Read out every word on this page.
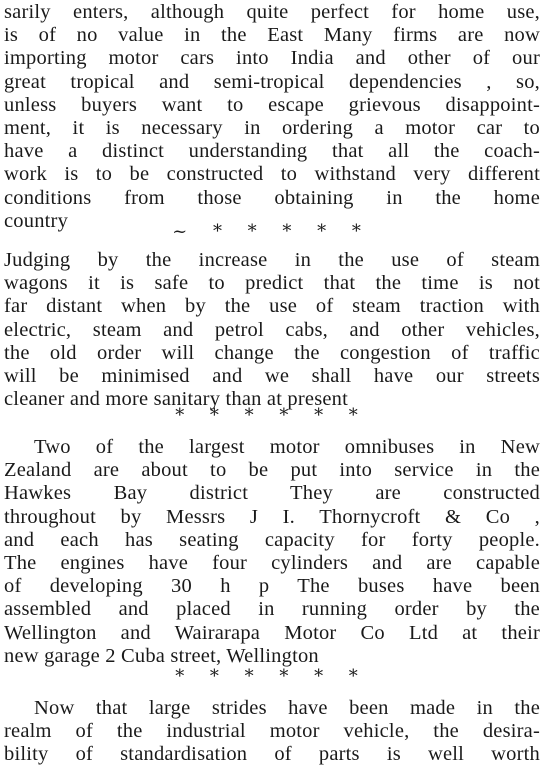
sarily enters, although quite perfect for home use,
is of no value in the East Many firms are now
importing motor cars into India and other of our
great tropical and semi-tropical dependencies , so,
unless buyers want to escape grievous disappoint-
ment, it is necessary in ordering a motor car to
have a distinct understanding that all the coach-
work is to be constructed to withstand very different
conditions from those obtaining in the home
country	~ * * * * *
Judging by the increase in the use of steam
wagons it is safe to predict that the time is not
far distant when by the use of steam traction with
electric, steam and petrol cabs, and other vehicles,
the old order will change the congestion of traffic
will be minimised and we shall have our streets
cleaner and more sanitary than at present
* * * * * *
Two of the largest motor omnibuses in New
Zealand are about to be put into service in the
Hawkes Bay district They are constructed
throughout by Messrs J I. Thornycroft & Co ,
and each has seating capacity for forty people.
The engines have four cylinders and are capable
of developing 30 h p The buses have been
assembled and placed in running order by the
Wellington and Wairarapa Motor Co Ltd at their
new garage 2 Cuba street, Wellington
* * * * * *
Now that large strides have been made in the
realm of the industrial motor vehicle, the desira-
bility of standardisation of parts is well worth
